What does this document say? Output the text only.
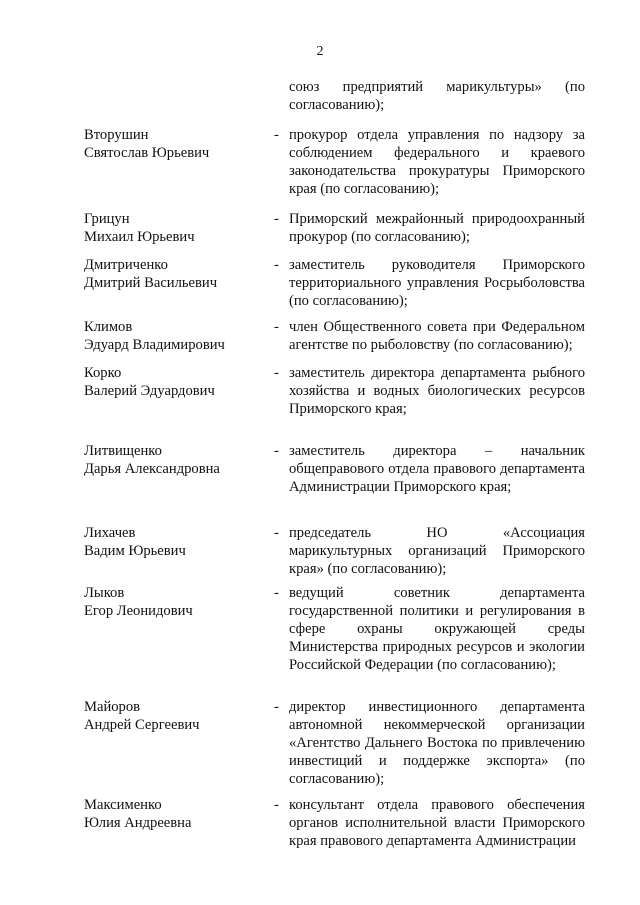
2
союз предприятий марикультуры» (по согласованию);
Вторушин
Святослав Юрьевич
- прокурор отдела управления по надзору за соблюдением федерального и краевого законодательства прокуратуры Приморского края (по согласованию);
Грицун
Михаил Юрьевич
- Приморский межрайонный природоохранный прокурор (по согласованию);
Дмитриченко
Дмитрий Васильевич
- заместитель руководителя Приморского территориального управления Росрыболовства (по согласованию);
Климов
Эдуард Владимирович
- член Общественного совета при Федеральном агентстве по рыболовству (по согласованию);
Корко
Валерий Эдуардович
- заместитель директора департамента рыбного хозяйства и водных биологических ресурсов Приморского края;
Литвищенко
Дарья Александровна
- заместитель директора – начальник общеправового отдела правового департамента Администрации Приморского края;
Лихачев
Вадим Юрьевич
- председатель НО «Ассоциация марикультурных организаций Приморского края» (по согласованию);
Лыков
Егор Леонидович
- ведущий советник департамента государственной политики и регулирования в сфере охраны окружающей среды Министерства природных ресурсов и экологии Российской Федерации (по согласованию);
Майоров
Андрей Сергеевич
- директор инвестиционного департамента автономной некоммерческой организации «Агентство Дальнего Востока по привлечению инвестиций и поддержке экспорта» (по согласованию);
Максименко
Юлия Андреевна
- консультант отдела правового обеспечения органов исполнительной власти Приморского края правового департамента Администрации
